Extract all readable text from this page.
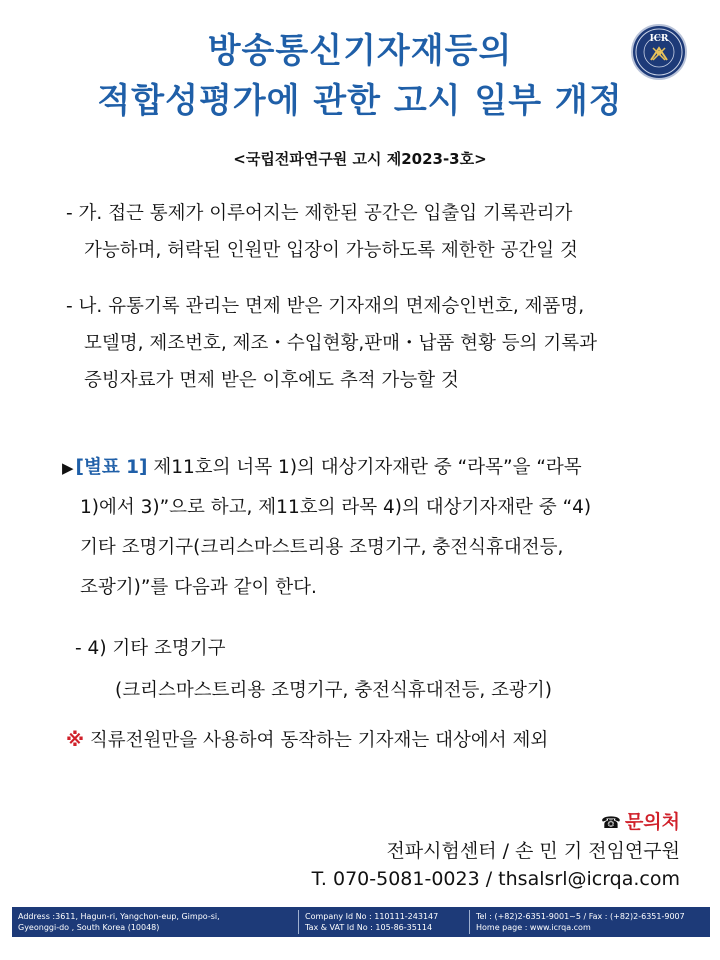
방송통신기자재등의
적합성평가에 관한 고시 일부 개정
ICR
<국립전파연구원 고시 제2023-3호>
- 가. 접근 통제가 이루어지는 제한된 공간은 입출입 기록관리가
가능하며, 허락된 인원만 입장이 가능하도록 제한한 공간일 것
- 나. 유통기록 관리는 면제 받은 기자재의 면제승인번호, 제품명,
모델명, 제조번호, 제조・수입현황,판매・납품 현황 등의 기록과
증빙자료가 면제 받은 이후에도 추적 가능할 것
▶ [별표 1] 제11호의 너목 1)의 대상기자재란 중 “라목”을 “라목
1)에서 3)”으로 하고, 제11호의 라목 4)의 대상기자재란 중 “4)
기타 조명기구(크리스마스트리용 조명기구, 충전식휴대전등,
조광기)”를 다음과 같이 한다.
- 4) 기타 조명기구
(크리스마스트리용 조명기구, 충전식휴대전등, 조광기)
※ 직류전원만을 사용하여 동작하는 기자재는 대상에서 제외
☎ 문의처
전파시험센터 / 손 민 기 전임연구원
T. 070-5081-0023 / thsalsrl@icrqa.com
Address :3611, Hagun-ri, Yangchon-eup, Gimpo-si,
Gyeonggi-do , South Korea (10048)
Company Id No : 110111-243147
Tax & VAT Id No : 105-86-35114
Tel : (+82)2-6351-9001~5 / Fax : (+82)2-6351-9007
Home page : www.icrqa.com
